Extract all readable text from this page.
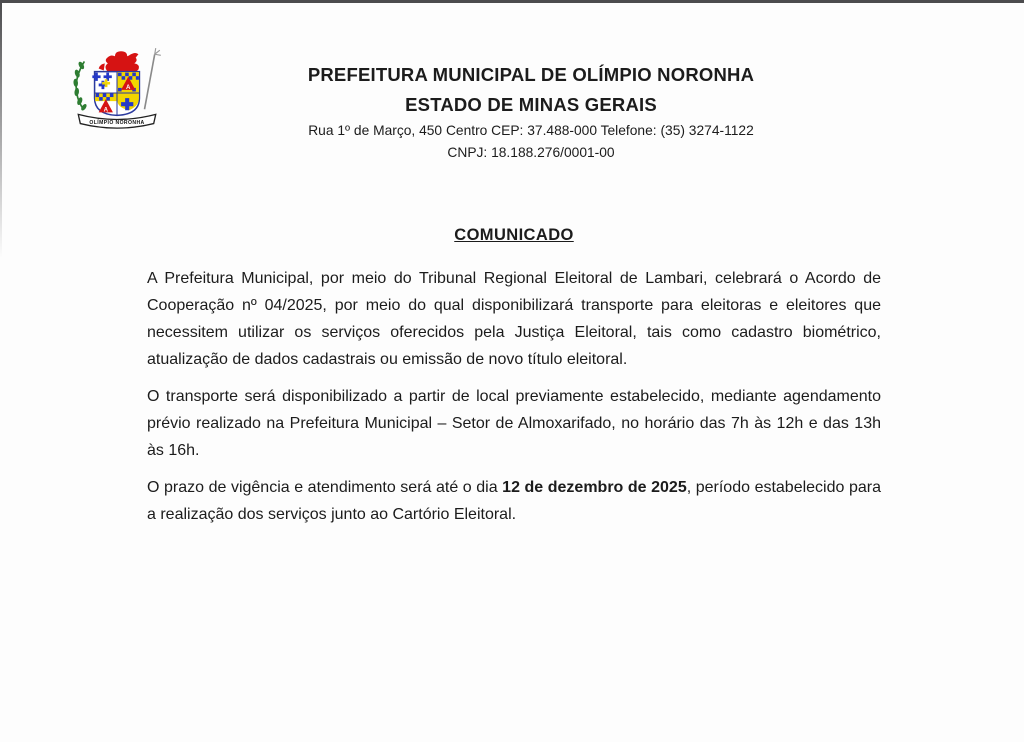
A
A
OLÍMPIO NORONHA
PREFEITURA MUNICIPAL DE OLÍMPIO NORONHA
ESTADO DE MINAS GERAIS
Rua 1º de Março, 450 Centro CEP: 37.488-000 Telefone: (35) 3274-1122
CNPJ: 18.188.276/0001-00
COMUNICADO

A Prefeitura Municipal, por meio do Tribunal Regional Eleitoral de Lambari, celebrará o Acordo de Cooperação nº 04/2025, por meio do qual disponibilizará transporte para eleitoras e eleitores que necessitem utilizar os serviços oferecidos pela Justiça Eleitoral, tais como cadastro biométrico, atualização de dados cadastrais ou emissão de novo título eleitoral.

O transporte será disponibilizado a partir de local previamente estabelecido, mediante agendamento prévio realizado na Prefeitura Municipal – Setor de Almoxarifado, no horário das 7h às 12h e das 13h às 16h.

O prazo de vigência e atendimento será até o dia 12 de dezembro de 2025, período estabelecido para a realização dos serviços junto ao Cartório Eleitoral.
